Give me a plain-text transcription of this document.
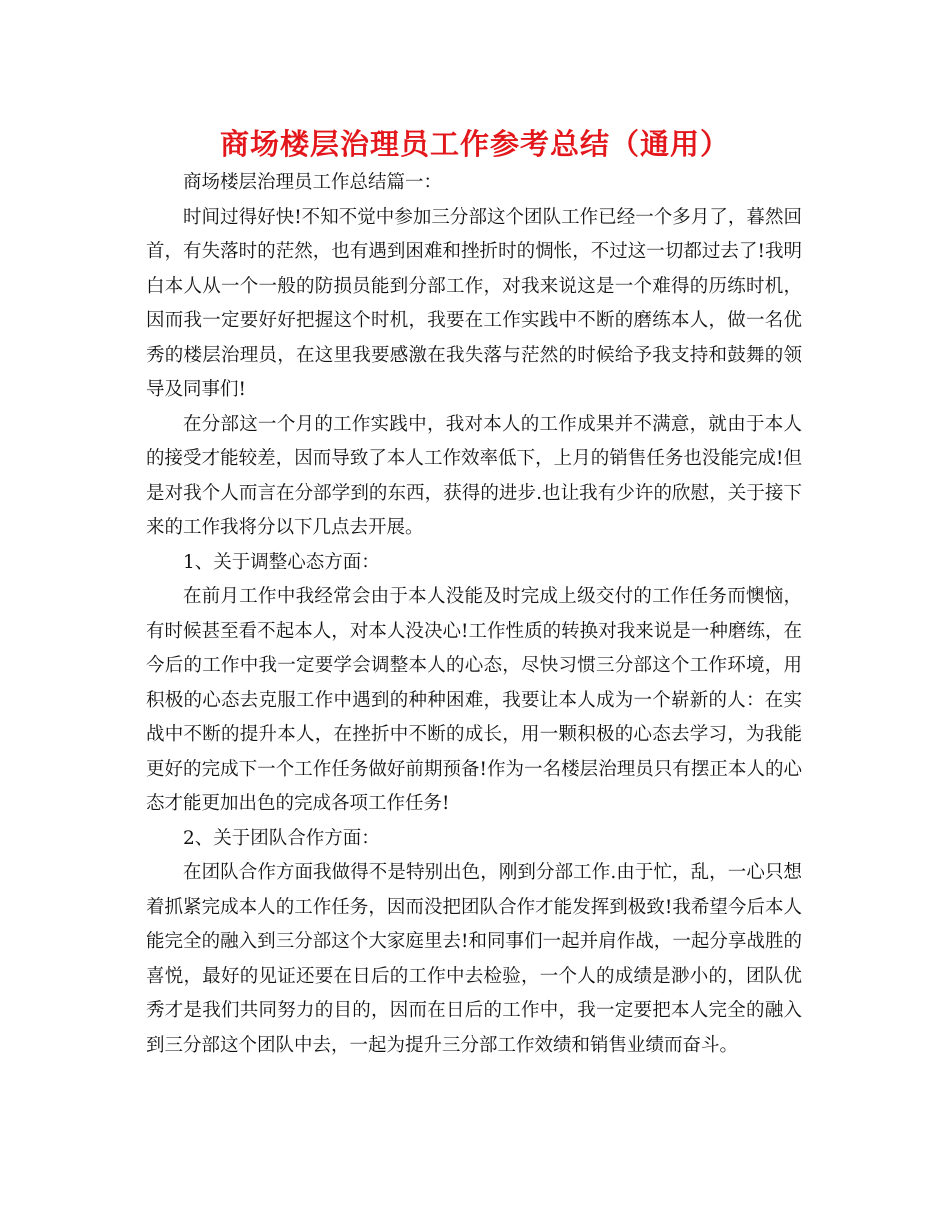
商场楼层治理员工作参考总结（通用）

商场楼层治理员工作总结篇一：

时间过得好快!不知不觉中参加三分部这个团队工作已经一个多月了，暮然回首，有失落时的茫然，也有遇到困难和挫折时的惆怅，不过这一切都过去了!我明白本人从一个一般的防损员能到分部工作，对我来说这是一个难得的历练时机，因而我一定要好好把握这个时机，我要在工作实践中不断的磨练本人，做一名优秀的楼层治理员，在这里我要感激在我失落与茫然的时候给予我支持和鼓舞的领导及同事们!

在分部这一个月的工作实践中，我对本人的工作成果并不满意，就由于本人的接受才能较差，因而导致了本人工作效率低下，上月的销售任务也没能完成!但是对我个人而言在分部学到的东西，获得的进步.也让我有少许的欣慰，关于接下来的工作我将分以下几点去开展。

1、关于调整心态方面：

在前月工作中我经常会由于本人没能及时完成上级交付的工作任务而懊恼，有时候甚至看不起本人，对本人没决心!工作性质的转换对我来说是一种磨练，在今后的工作中我一定要学会调整本人的心态，尽快习惯三分部这个工作环境，用积极的心态去克服工作中遇到的种种困难，我要让本人成为一个崭新的人：在实战中不断的提升本人，在挫折中不断的成长，用一颗积极的心态去学习，为我能更好的完成下一个工作任务做好前期预备!作为一名楼层治理员只有摆正本人的心态才能更加出色的完成各项工作任务!

2、关于团队合作方面：

在团队合作方面我做得不是特别出色，刚到分部工作.由于忙，乱，一心只想着抓紧完成本人的工作任务，因而没把团队合作才能发挥到极致!我希望今后本人能完全的融入到三分部这个大家庭里去!和同事们一起并肩作战，一起分享战胜的喜悦，最好的见证还要在日后的工作中去检验，一个人的成绩是渺小的，团队优秀才是我们共同努力的目的，因而在日后的工作中，我一定要把本人完全的融入到三分部这个团队中去，一起为提升三分部工作效绩和销售业绩而奋斗。
